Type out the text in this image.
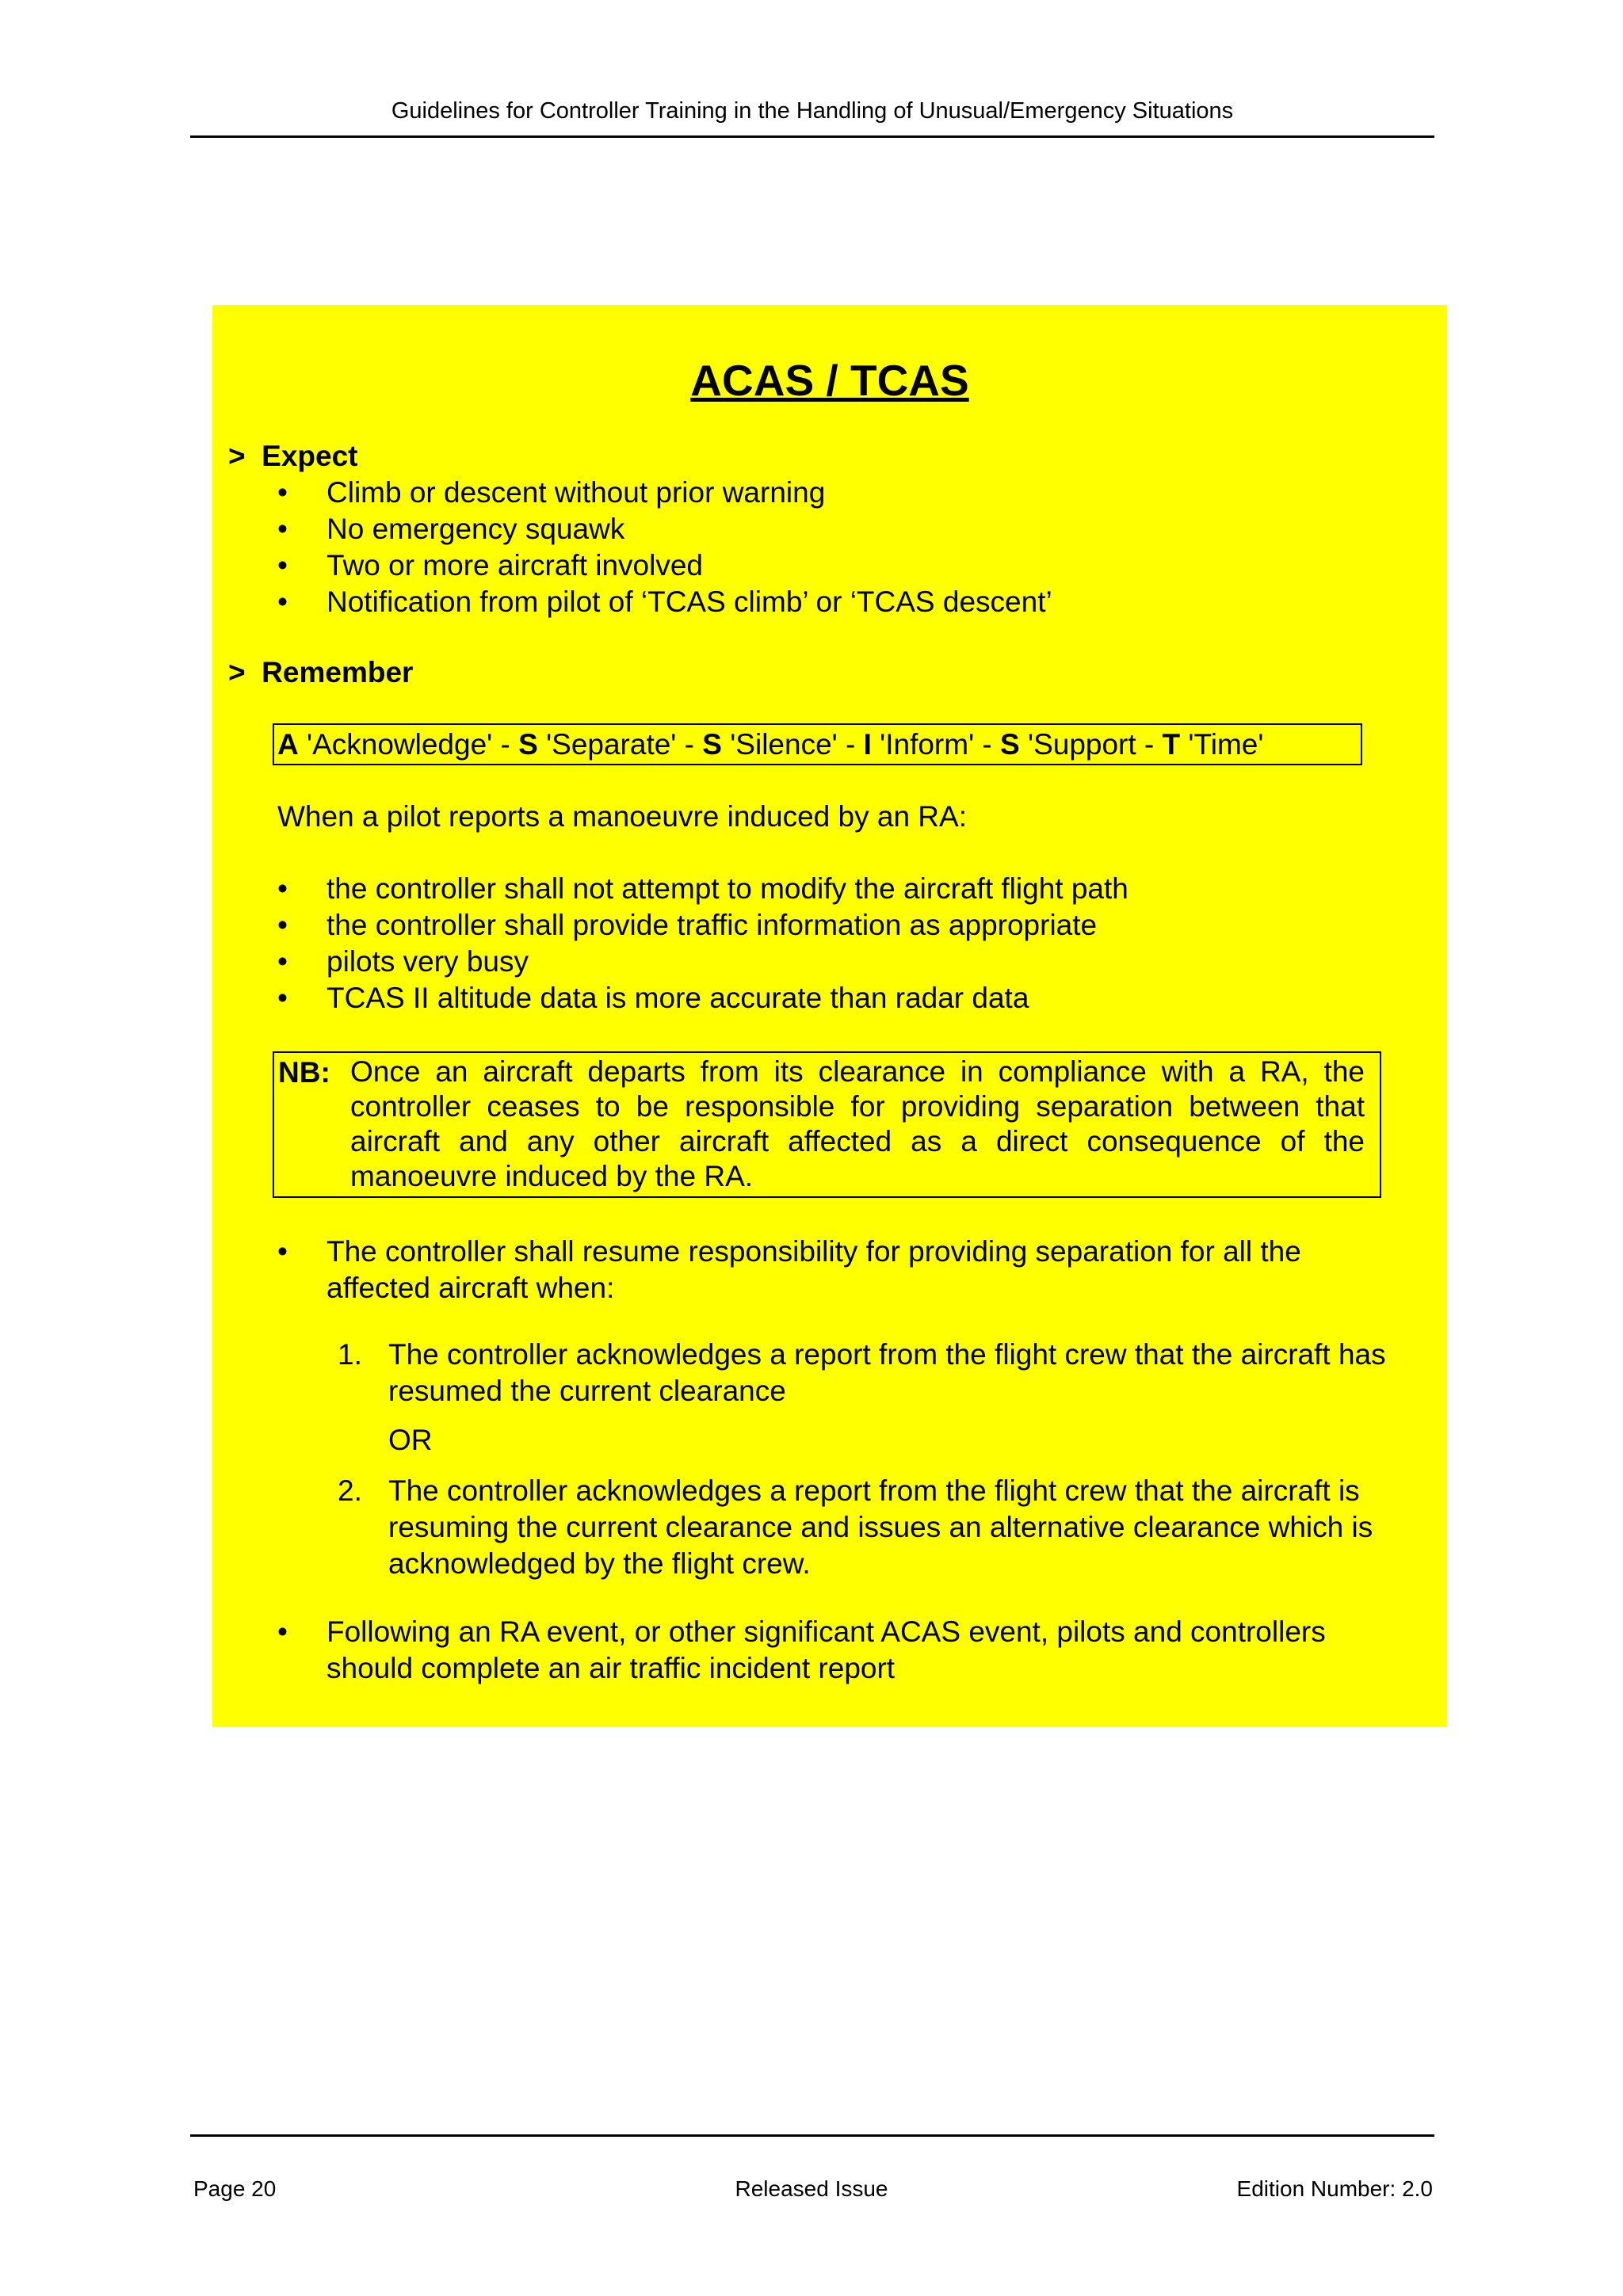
Guidelines for Controller Training in the Handling of Unusual/Emergency Situations
ACAS / TCAS
> Expect
• Climb or descent without prior warning
• No emergency squawk
• Two or more aircraft involved
• Notification from pilot of ‘TCAS climb’ or ‘TCAS descent’
> Remember
A 'Acknowledge' - S 'Separate' - S 'Silence' - I 'Inform' - S 'Support - T 'Time'
When a pilot reports a manoeuvre induced by an RA:
• the controller shall not attempt to modify the aircraft flight path
• the controller shall provide traffic information as appropriate
• pilots very busy
• TCAS II altitude data is more accurate than radar data
NB: Once an aircraft departs from its clearance in compliance with a RA, the controller ceases to be responsible for providing separation between that aircraft and any other aircraft affected as a direct consequence of the manoeuvre induced by the RA.
• The controller shall resume responsibility for providing separation for all the affected aircraft when:
1. The controller acknowledges a report from the flight crew that the aircraft has resumed the current clearance
OR
2. The controller acknowledges a report from the flight crew that the aircraft is resuming the current clearance and issues an alternative clearance which is acknowledged by the flight crew.
• Following an RA event, or other significant ACAS event, pilots and controllers should complete an air traffic incident report
Page 20	Released Issue	Edition Number: 2.0
